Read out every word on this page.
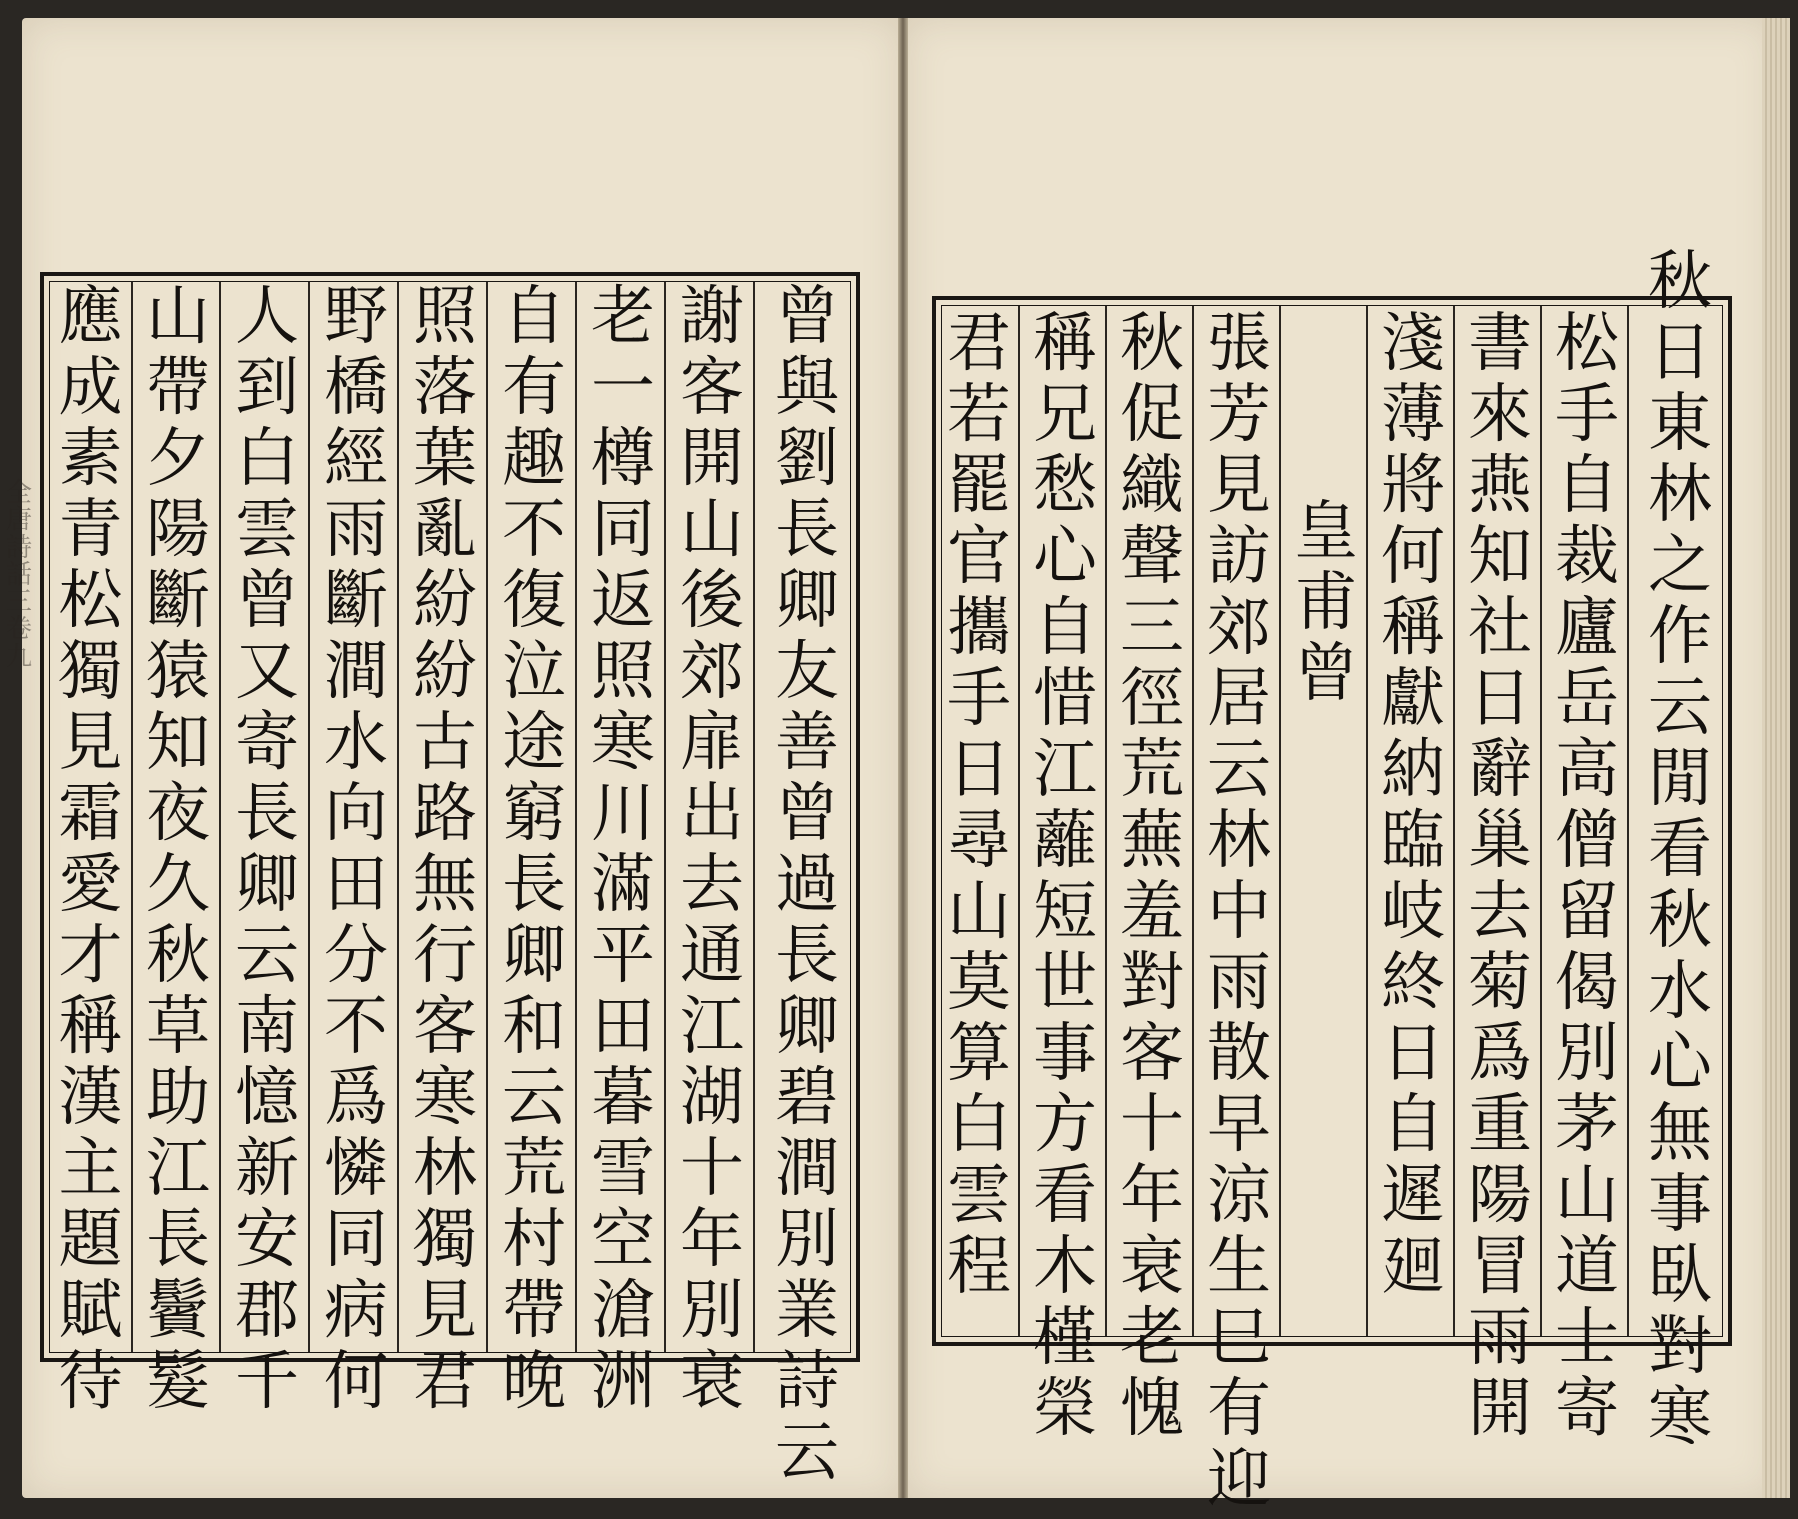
曾
與
劉
長
卿
友
善
曾
過
長
卿
碧
澗
別
業
詩
云
謝
客
開
山
後
郊
扉
出
去
通
江
湖
十
年
別
衰
老
一
樽
同
返
照
寒
川
滿
平
田
暮
雪
空
滄
洲
自
有
趣
不
復
泣
途
窮
長
卿
和
云
荒
村
帶
晚
照
落
葉
亂
紛
紛
古
路
無
行
客
寒
林
獨
見
君
野
橋
經
雨
斷
澗
水
向
田
分
不
爲
憐
同
病
何
人
到
白
雲
曾
又
寄
長
卿
云
南
憶
新
安
郡
千
山
帶
夕
陽
斷
猿
知
夜
久
秋
草
助
江
長
鬢
髮
應
成
素
青
松
獨
見
霜
愛
才
稱
漢
主
題
賦
待
全
唐
詩
話
三
卷
九
秋
日
東
林
之
作
云
閒
看
秋
水
心
無
事
臥
對
寒
松
手
自
裁
廬
岳
高
僧
留
偈
別
茅
山
道
士
寄
書
來
燕
知
社
日
辭
巢
去
菊
爲
重
陽
冒
雨
開
淺
薄
將
何
稱
獻
納
臨
岐
終
日
自
遲
廻
皇
甫
曾
張
芳
見
訪
郊
居
云
林
中
雨
散
早
涼
生
巳
有
迎
秋
促
織
聲
三
徑
荒
蕪
羞
對
客
十
年
衰
老
愧
稱
兄
愁
心
自
惜
江
蘺
短
世
事
方
看
木
槿
榮
君
若
罷
官
攜
手
日
尋
山
莫
算
白
雲
程
